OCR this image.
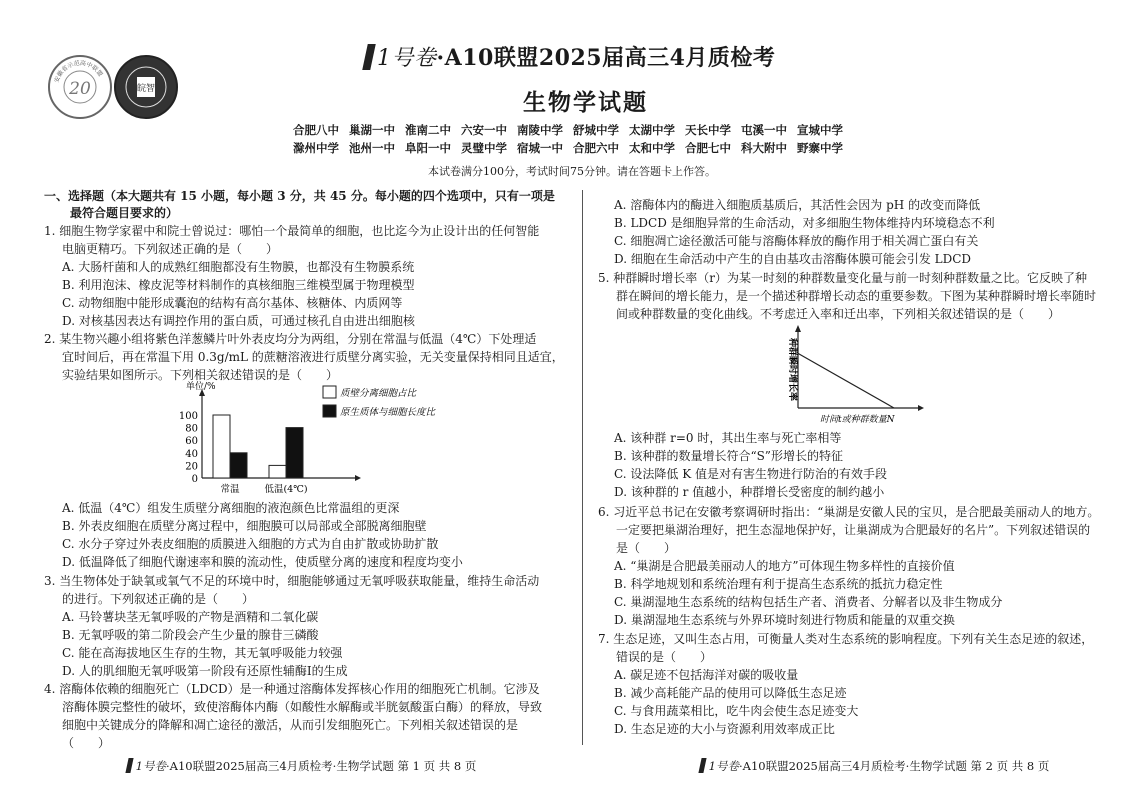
安徽省示范高中联盟
20	皖智
1号卷·A10联盟2025届高三4月质检考
生物学试题
合肥八中 巢湖一中 淮南二中 六安一中 南陵中学 舒城中学 太湖中学 天长中学 屯溪一中 宣城中学
滁州中学 池州一中 阜阳一中 灵璧中学 宿城一中 合肥六中 太和中学 合肥七中 科大附中 野寨中学
本试卷满分100分，考试时间75分钟。请在答题卡上作答。
一、选择题（本大题共有 15 小题，每小题 3 分，共 45 分。每小题的四个选项中，只有一项是
最符合题目要求的）
单位/%
0
20
40
60
80
100
常温	低温(4℃)
质壁分离细胞占比
原生质体与细胞长度比
种群瞬时增长率
时间t或种群数量N
1号卷·A10联盟2025届高三4月质检考·生物学试题 第 1 页 共 8 页	1号卷·A10联盟2025届高三4月质检考·生物学试题 第 2 页 共 8 页
1. 细胞生物学家翟中和院士曾说过：哪怕一个最简单的细胞，也比迄今为止设计出的任何智能
电脑更精巧。下列叙述正确的是（　　）
A. 大肠杆菌和人的成熟红细胞都没有生物膜，也都没有生物膜系统
B. 利用泡沫、橡皮泥等材料制作的真核细胞三维模型属于物理模型
C. 动物细胞中能形成囊泡的结构有高尔基体、核糖体、内质网等
D. 对核基因表达有调控作用的蛋白质，可通过核孔自由进出细胞核
2. 某生物兴趣小组将紫色洋葱鳞片叶外表皮均分为两组，分别在常温与低温（4℃）下处理适
宜时间后，再在常温下用 0.3g/mL 的蔗糖溶液进行质壁分离实验，无关变量保持相同且适宜，
实验结果如图所示。下列相关叙述错误的是（　　）
A. 低温（4℃）组发生质壁分离细胞的液泡颜色比常温组的更深
B. 外表皮细胞在质壁分离过程中，细胞膜可以局部或全部脱离细胞壁
C. 水分子穿过外表皮细胞的质膜进入细胞的方式为自由扩散或协助扩散
D. 低温降低了细胞代谢速率和膜的流动性，使质壁分离的速度和程度均变小
3. 当生物体处于缺氧或氧气不足的环境中时，细胞能够通过无氧呼吸获取能量，维持生命活动
的进行。下列叙述正确的是（　　）
A. 马铃薯块茎无氧呼吸的产物是酒精和二氧化碳
B. 无氧呼吸的第二阶段会产生少量的腺苷三磷酸
C. 能在高海拔地区生存的生物，其无氧呼吸能力较强
D. 人的肌细胞无氧呼吸第一阶段有还原性辅酶Ⅰ的生成
4. 溶酶体依赖的细胞死亡（LDCD）是一种通过溶酶体发挥核心作用的细胞死亡机制。它涉及
溶酶体膜完整性的破坏，致使溶酶体内酶（如酸性水解酶或半胱氨酸蛋白酶）的释放，导致
细胞中关键成分的降解和凋亡途径的激活，从而引发细胞死亡。下列相关叙述错误的是
（　　）
A. 溶酶体内的酶进入细胞质基质后，其活性会因为 pH 的改变而降低
B. LDCD 是细胞异常的生命活动，对多细胞生物体维持内环境稳态不利
C. 细胞凋亡途径激活可能与溶酶体释放的酶作用于相关凋亡蛋白有关
D. 细胞在生命活动中产生的自由基攻击溶酶体膜可能会引发 LDCD
5. 种群瞬时增长率（r）为某一时刻的种群数量变化量与前一时刻种群数量之比。它反映了种
群在瞬间的增长能力，是一个描述种群增长动态的重要参数。下图为某种群瞬时增长率随时
间或种群数量的变化曲线。不考虑迁入率和迁出率，下列相关叙述错误的是（　　）
A. 该种群 r=0 时，其出生率与死亡率相等
B. 该种群的数量增长符合“S”形增长的特征
C. 设法降低 K 值是对有害生物进行防治的有效手段
D. 该种群的 r 值越小，种群增长受密度的制约越小
6. 习近平总书记在安徽考察调研时指出：“巢湖是安徽人民的宝贝，是合肥最美丽动人的地方。
一定要把巢湖治理好，把生态湿地保护好，让巢湖成为合肥最好的名片”。下列叙述错误的
是（　　）
A. “巢湖是合肥最美丽动人的地方”可体现生物多样性的直接价值
B. 科学地规划和系统治理有利于提高生态系统的抵抗力稳定性
C. 巢湖湿地生态系统的结构包括生产者、消费者、分解者以及非生物成分
D. 巢湖湿地生态系统与外界环境时刻进行物质和能量的双重交换
7. 生态足迹，又叫生态占用，可衡量人类对生态系统的影响程度。下列有关生态足迹的叙述，
错误的是（　　）
A. 碳足迹不包括海洋对碳的吸收量
B. 减少高耗能产品的使用可以降低生态足迹
C. 与食用蔬菜相比，吃牛肉会使生态足迹变大
D. 生态足迹的大小与资源利用效率成正比
